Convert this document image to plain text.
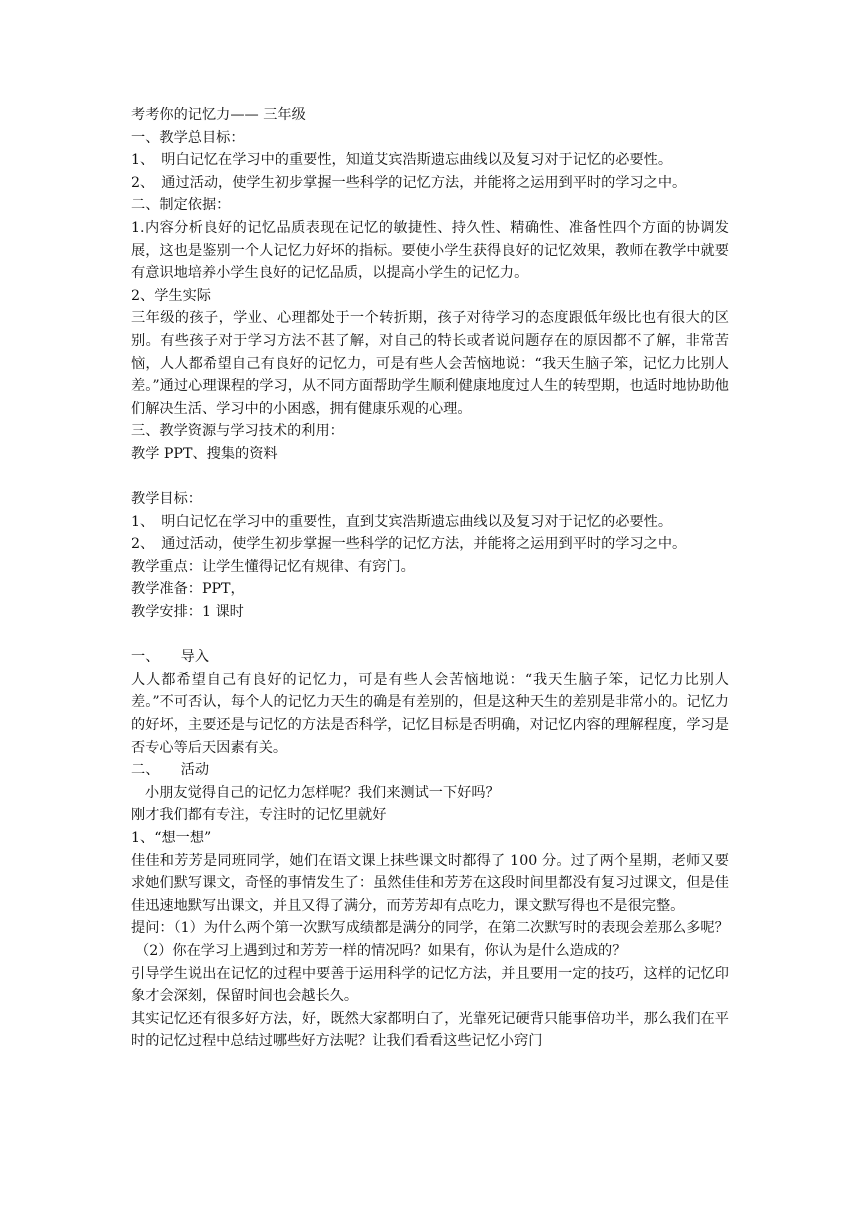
考考你的记忆力—— 三年级

一、教学总目标：

1、　明白记忆在学习中的重要性，知道艾宾浩斯遗忘曲线以及复习对于记忆的必要性。

2、　通过活动，使学生初步掌握一些科学的记忆方法，并能将之运用到平时的学习之中。

二、制定依据：

1.内容分析良好的记忆品质表现在记忆的敏捷性、持久性、精确性、准备性四个方面的协调发展，这也是鉴别一个人记忆力好坏的指标。要使小学生获得良好的记忆效果，教师在教学中就要有意识地培养小学生良好的记忆品质，以提高小学生的记忆力。

2、学生实际

三年级的孩子，学业、心理都处于一个转折期，孩子对待学习的态度跟低年级比也有很大的区别。有些孩子对于学习方法不甚了解，对自己的特长或者说问题存在的原因都不了解，非常苦恼，人人都希望自己有良好的记忆力，可是有些人会苦恼地说：“我天生脑子笨，记忆力比别人差。”通过心理课程的学习，从不同方面帮助学生顺利健康地度过人生的转型期，也适时地协助他们解决生活、学习中的小困惑，拥有健康乐观的心理。

三、教学资源与学习技术的利用：

教学 PPT、搜集的资料

教学目标：

1、　明白记忆在学习中的重要性，直到艾宾浩斯遗忘曲线以及复习对于记忆的必要性。

2、　通过活动，使学生初步掌握一些科学的记忆方法，并能将之运用到平时的学习之中。

教学重点：让学生懂得记忆有规律、有窍门。

教学准备：PPT，

教学安排：1 课时

一、　　导入

人人都希望自己有良好的记忆力，可是有些人会苦恼地说：“我天生脑子笨，记忆力比别人差。”不可否认，每个人的记忆力天生的确是有差别的，但是这种天生的差别是非常小的。记忆力的好坏，主要还是与记忆的方法是否科学，记忆目标是否明确，对记忆内容的理解程度，学习是否专心等后天因素有关。

二、　　活动

小朋友觉得自己的记忆力怎样呢？我们来测试一下好吗？

刚才我们都有专注，专注时的记忆里就好

1、“想一想”

佳佳和芳芳是同班同学，她们在语文课上抹些课文时都得了 100 分。过了两个星期，老师又要求她们默写课文，奇怪的事情发生了：虽然佳佳和芳芳在这段时间里都没有复习过课文，但是佳佳迅速地默写出课文，并且又得了满分，而芳芳却有点吃力，课文默写得也不是很完整。

提问：（1）为什么两个第一次默写成绩都是满分的同学，在第二次默写时的表现会差那么多呢？

（2）你在学习上遇到过和芳芳一样的情况吗？如果有，你认为是什么造成的？

引导学生说出在记忆的过程中要善于运用科学的记忆方法，并且要用一定的技巧，这样的记忆印象才会深刻，保留时间也会越长久。

其实记忆还有很多好方法，好，既然大家都明白了，光靠死记硬背只能事倍功半，那么我们在平时的记忆过程中总结过哪些好方法呢？让我们看看这些记忆小窍门
